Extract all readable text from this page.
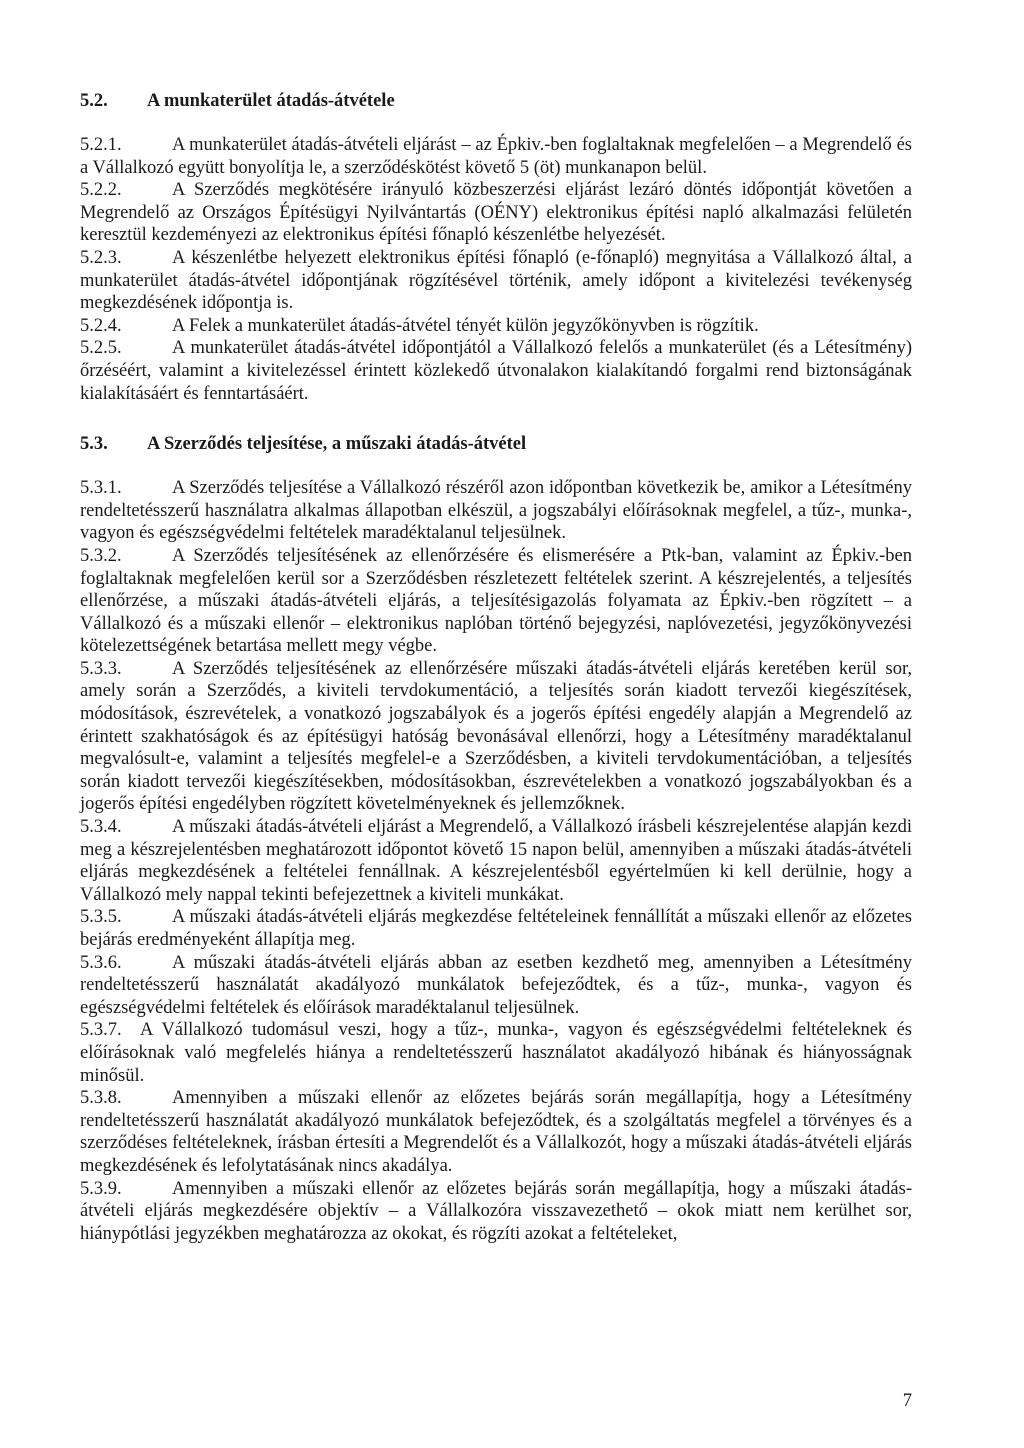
5.2.	A munkaterület átadás-átvétele

5.2.1.	A munkaterület átadás-átvételi eljárást – az Épkiv.-ben foglaltaknak megfelelően – a Megrendelő és a Vállalkozó együtt bonyolítja le, a szerződéskötést követő 5 (öt) munkanapon belül.

5.2.2.	A Szerződés megkötésére irányuló közbeszerzési eljárást lezáró döntés időpontját követően a Megrendelő az Országos Építésügyi Nyilvántartás (OÉNY) elektronikus építési napló alkalmazási felületén keresztül kezdeményezi az elektronikus építési főnapló készenlétbe helyezését.

5.2.3.	A készenlétbe helyezett elektronikus építési főnapló (e-főnapló) megnyitása a Vállalkozó által, a munkaterület átadás-átvétel időpontjának rögzítésével történik, amely időpont a kivitelezési tevékenység megkezdésének időpontja is.

5.2.4.	A Felek a munkaterület átadás-átvétel tényét külön jegyzőkönyvben is rögzítik.

5.2.5.	A munkaterület átadás-átvétel időpontjától a Vállalkozó felelős a munkaterület (és a Létesítmény) őrzéséért, valamint a kivitelezéssel érintett közlekedő útvonalakon kialakítandó forgalmi rend biztonságának kialakításáért és fenntartásáért.

5.3.	A Szerződés teljesítése, a műszaki átadás-átvétel

5.3.1.	A Szerződés teljesítése a Vállalkozó részéről azon időpontban következik be, amikor a Létesítmény rendeltetésszerű használatra alkalmas állapotban elkészül, a jogszabályi előírásoknak megfelel, a tűz-, munka-, vagyon és egészségvédelmi feltételek maradéktalanul teljesülnek.

5.3.2.	A Szerződés teljesítésének az ellenőrzésére és elismerésére a Ptk-ban, valamint az Épkiv.-ben foglaltaknak megfelelően kerül sor a Szerződésben részletezett feltételek szerint. A készrejelentés, a teljesítés ellenőrzése, a műszaki átadás-átvételi eljárás, a teljesítésigazolás folyamata az Épkiv.-ben rögzített – a Vállalkozó és a műszaki ellenőr – elektronikus naplóban történő bejegyzési, naplóvezetési, jegyzőkönyvezési kötelezettségének betartása mellett megy végbe.

5.3.3.	A Szerződés teljesítésének az ellenőrzésére műszaki átadás-átvételi eljárás keretében kerül sor, amely során a Szerződés, a kiviteli tervdokumentáció, a teljesítés során kiadott tervezői kiegészítések, módosítások, észrevételek, a vonatkozó jogszabályok és a jogerős építési engedély alapján a Megrendelő az érintett szakhatóságok és az építésügyi hatóság bevonásával ellenőrzi, hogy a Létesítmény maradéktalanul megvalósult-e, valamint a teljesítés megfelel-e a Szerződésben, a kiviteli tervdokumentációban, a teljesítés során kiadott tervezői kiegészítésekben, módosításokban, észrevételekben a vonatkozó jogszabályokban és a jogerős építési engedélyben rögzített követelményeknek és jellemzőknek.

5.3.4.	A műszaki átadás-átvételi eljárást a Megrendelő, a Vállalkozó írásbeli készrejelentése alapján kezdi meg a készrejelentésben meghatározott időpontot követő 15 napon belül, amennyiben a műszaki átadás-átvételi eljárás megkezdésének a feltételei fennállnak. A készrejelentésből egyértelműen ki kell derülnie, hogy a Vállalkozó mely nappal tekinti befejezettnek a kiviteli munkákat.

5.3.5.	A műszaki átadás-átvételi eljárás megkezdése feltételeinek fennállítát a műszaki ellenőr az előzetes bejárás eredményeként állapítja meg.

5.3.6.	A műszaki átadás-átvételi eljárás abban az esetben kezdhető meg, amennyiben a Létesítmény rendeltetésszerű használatát akadályozó munkálatok befejeződtek, és a tűz-, munka-, vagyon és egészségvédelmi feltételek és előírások maradéktalanul teljesülnek.

5.3.7. A Vállalkozó tudomásul veszi, hogy a tűz-, munka-, vagyon és egészségvédelmi feltételeknek és előírásoknak való megfelelés hiánya a rendeltetésszerű használatot akadályozó hibának és hiányosságnak minősül.

5.3.8.	Amennyiben a műszaki ellenőr az előzetes bejárás során megállapítja, hogy a Létesítmény rendeltetésszerű használatát akadályozó munkálatok befejeződtek, és a szolgáltatás megfelel a törvényes és a szerződéses feltételeknek, írásban értesíti a Megrendelőt és a Vállalkozót, hogy a műszaki átadás-átvételi eljárás megkezdésének és lefolytatásának nincs akadálya.

5.3.9.	Amennyiben a műszaki ellenőr az előzetes bejárás során megállapítja, hogy a műszaki átadás-átvételi eljárás megkezdésére objektív – a Vállalkozóra visszavezethető – okok miatt nem kerülhet sor, hiánypótlási jegyzékben meghatározza az okokat, és rögzíti azokat a feltételeket,

7
